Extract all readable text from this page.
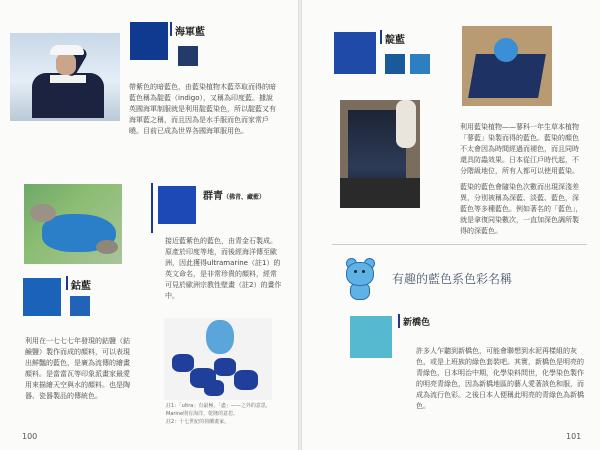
海軍藍
帶紫色的暗藍色，由藍染植物木藍萃取而得的暗藍色稱為靛藍（indigo），又稱為印度藍。據說英國海軍制服就是利用靛藍染色，所以靛藍又有海軍藍之稱，而且因為是水手服而色而家常戶曉。目前已成為世界各國海軍服用色。
群青（佛青、藏藍）
接近藍紫色的藍色，由青金石製成。原產於印度等地，而後經海洋傳至歐洲，因此獲得ultramarine（註1）的英文命名，是非常珍貴的顏料，經常可見於歐洲宗教性壁畫（註2）的畫作中。
鈷藍
利用在一七七七年發現的鈷鹽（鈷鹼鹽）製作而成的顏料，可以表現出鮮豔的藍色，是廣為流傳的繪畫顏料。是當當瓦等印象派畫家最愛用來描繪天空與水的顏料。也是陶器、瓷器製品的傳統色。
註1：「ultra」有最極，「盡」——之外的意思，Marine則有海洋，乾隆的意思。
註2：十七世紀的荷蘭畫家。
100
靛藍
利用藍染植物——蓼科一年生草本植物「蓼藍」染製而得的藍色。藍染的顏色不太會因為時間經過而褪色，而且同時還具防蟲效果。日本從江戶時代起，不分階級地位，所有人都可以使用藍染。
藍染的藍色會隨染色次數而出現深淺差異，分別被稱為深藍、淡藍、藍色，深藍色等多種藍色。例如著名的「藍色」，就是拿復同染數次，一直加深色調所製得的深藍色。
有趣的藍色系色彩名稱
新橋色
許多人乍聽到新橋色，可能會聯想到水泥再樣組的灰色，或是上班族的綠色套裝吧。其實，新橋色是明亮的青綠色，日本明治中期，化學染料問世，化學染色製作的明亮青綠色，因為新橋地區的藝人愛著該色和服，而成為流行色彩。之後日本人便稱此明亮的青綠色為新橋色。
101
